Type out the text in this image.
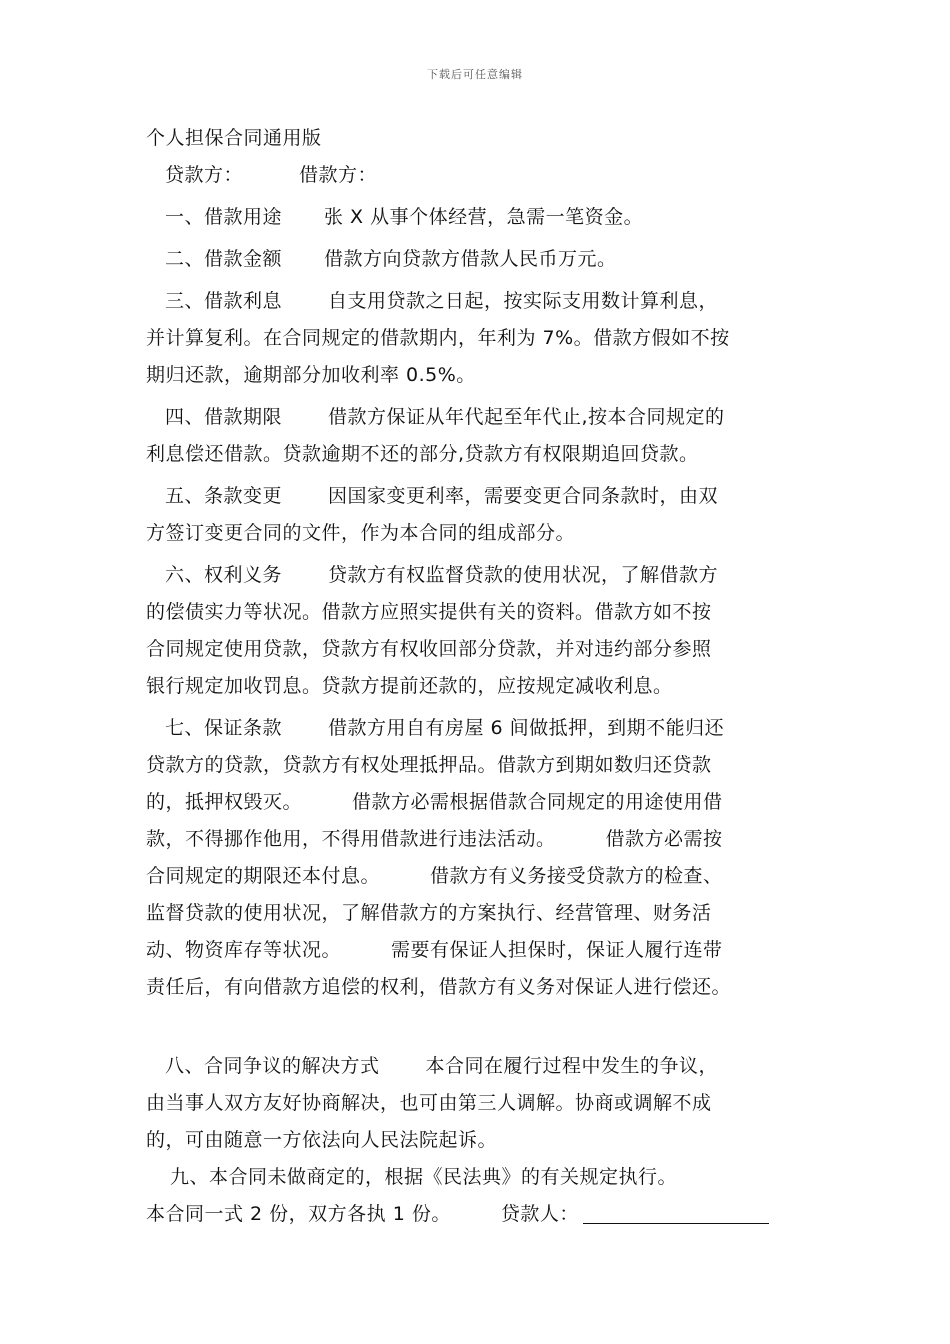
下载后可任意编辑
个人担保合同通用版
贷款方：	借款方：
一、借款用途 张 X 从事个体经营，急需一笔资金。
二、借款金额 借款方向贷款方借款人民币万元。
三、借款利息 自支用贷款之日起，按实际支用数计算利息，
并计算复利。在合同规定的借款期内，年利为 7%。借款方假如不按
期归还款，逾期部分加收利率 0.5%。
四、借款期限 借款方保证从年代起至年代止,按本合同规定的
利息偿还借款。贷款逾期不还的部分,贷款方有权限期追回贷款。
五、条款变更 因国家变更利率，需要变更合同条款时，由双
方签订变更合同的文件，作为本合同的组成部分。
六、权利义务 贷款方有权监督贷款的使用状况，了解借款方
的偿债实力等状况。借款方应照实提供有关的资料。借款方如不按
合同规定使用贷款，贷款方有权收回部分贷款，并对违约部分参照
银行规定加收罚息。贷款方提前还款的，应按规定减收利息。
七、保证条款 借款方用自有房屋 6 间做抵押，到期不能归还
贷款方的贷款，贷款方有权处理抵押品。借款方到期如数归还贷款
的，抵押权毁灭。	借款方必需根据借款合同规定的用途使用借
款，不得挪作他用，不得用借款进行违法活动。	借款方必需按
合同规定的期限还本付息。	借款方有义务接受贷款方的检查、
监督贷款的使用状况，了解借款方的方案执行、经营管理、财务活
动、物资库存等状况。	需要有保证人担保时，保证人履行连带
责任后，有向借款方追偿的权利，借款方有义务对保证人进行偿还。
八、合同争议的解决方式 本合同在履行过程中发生的争议，
由当事人双方友好协商解决，也可由第三人调解。协商或调解不成
的，可由随意一方依法向人民法院起诉。
九、本合同未做商定的，根据《民法典》的有关规定执行。
本合同一式 2 份，双方各执 1 份。	贷款人：
